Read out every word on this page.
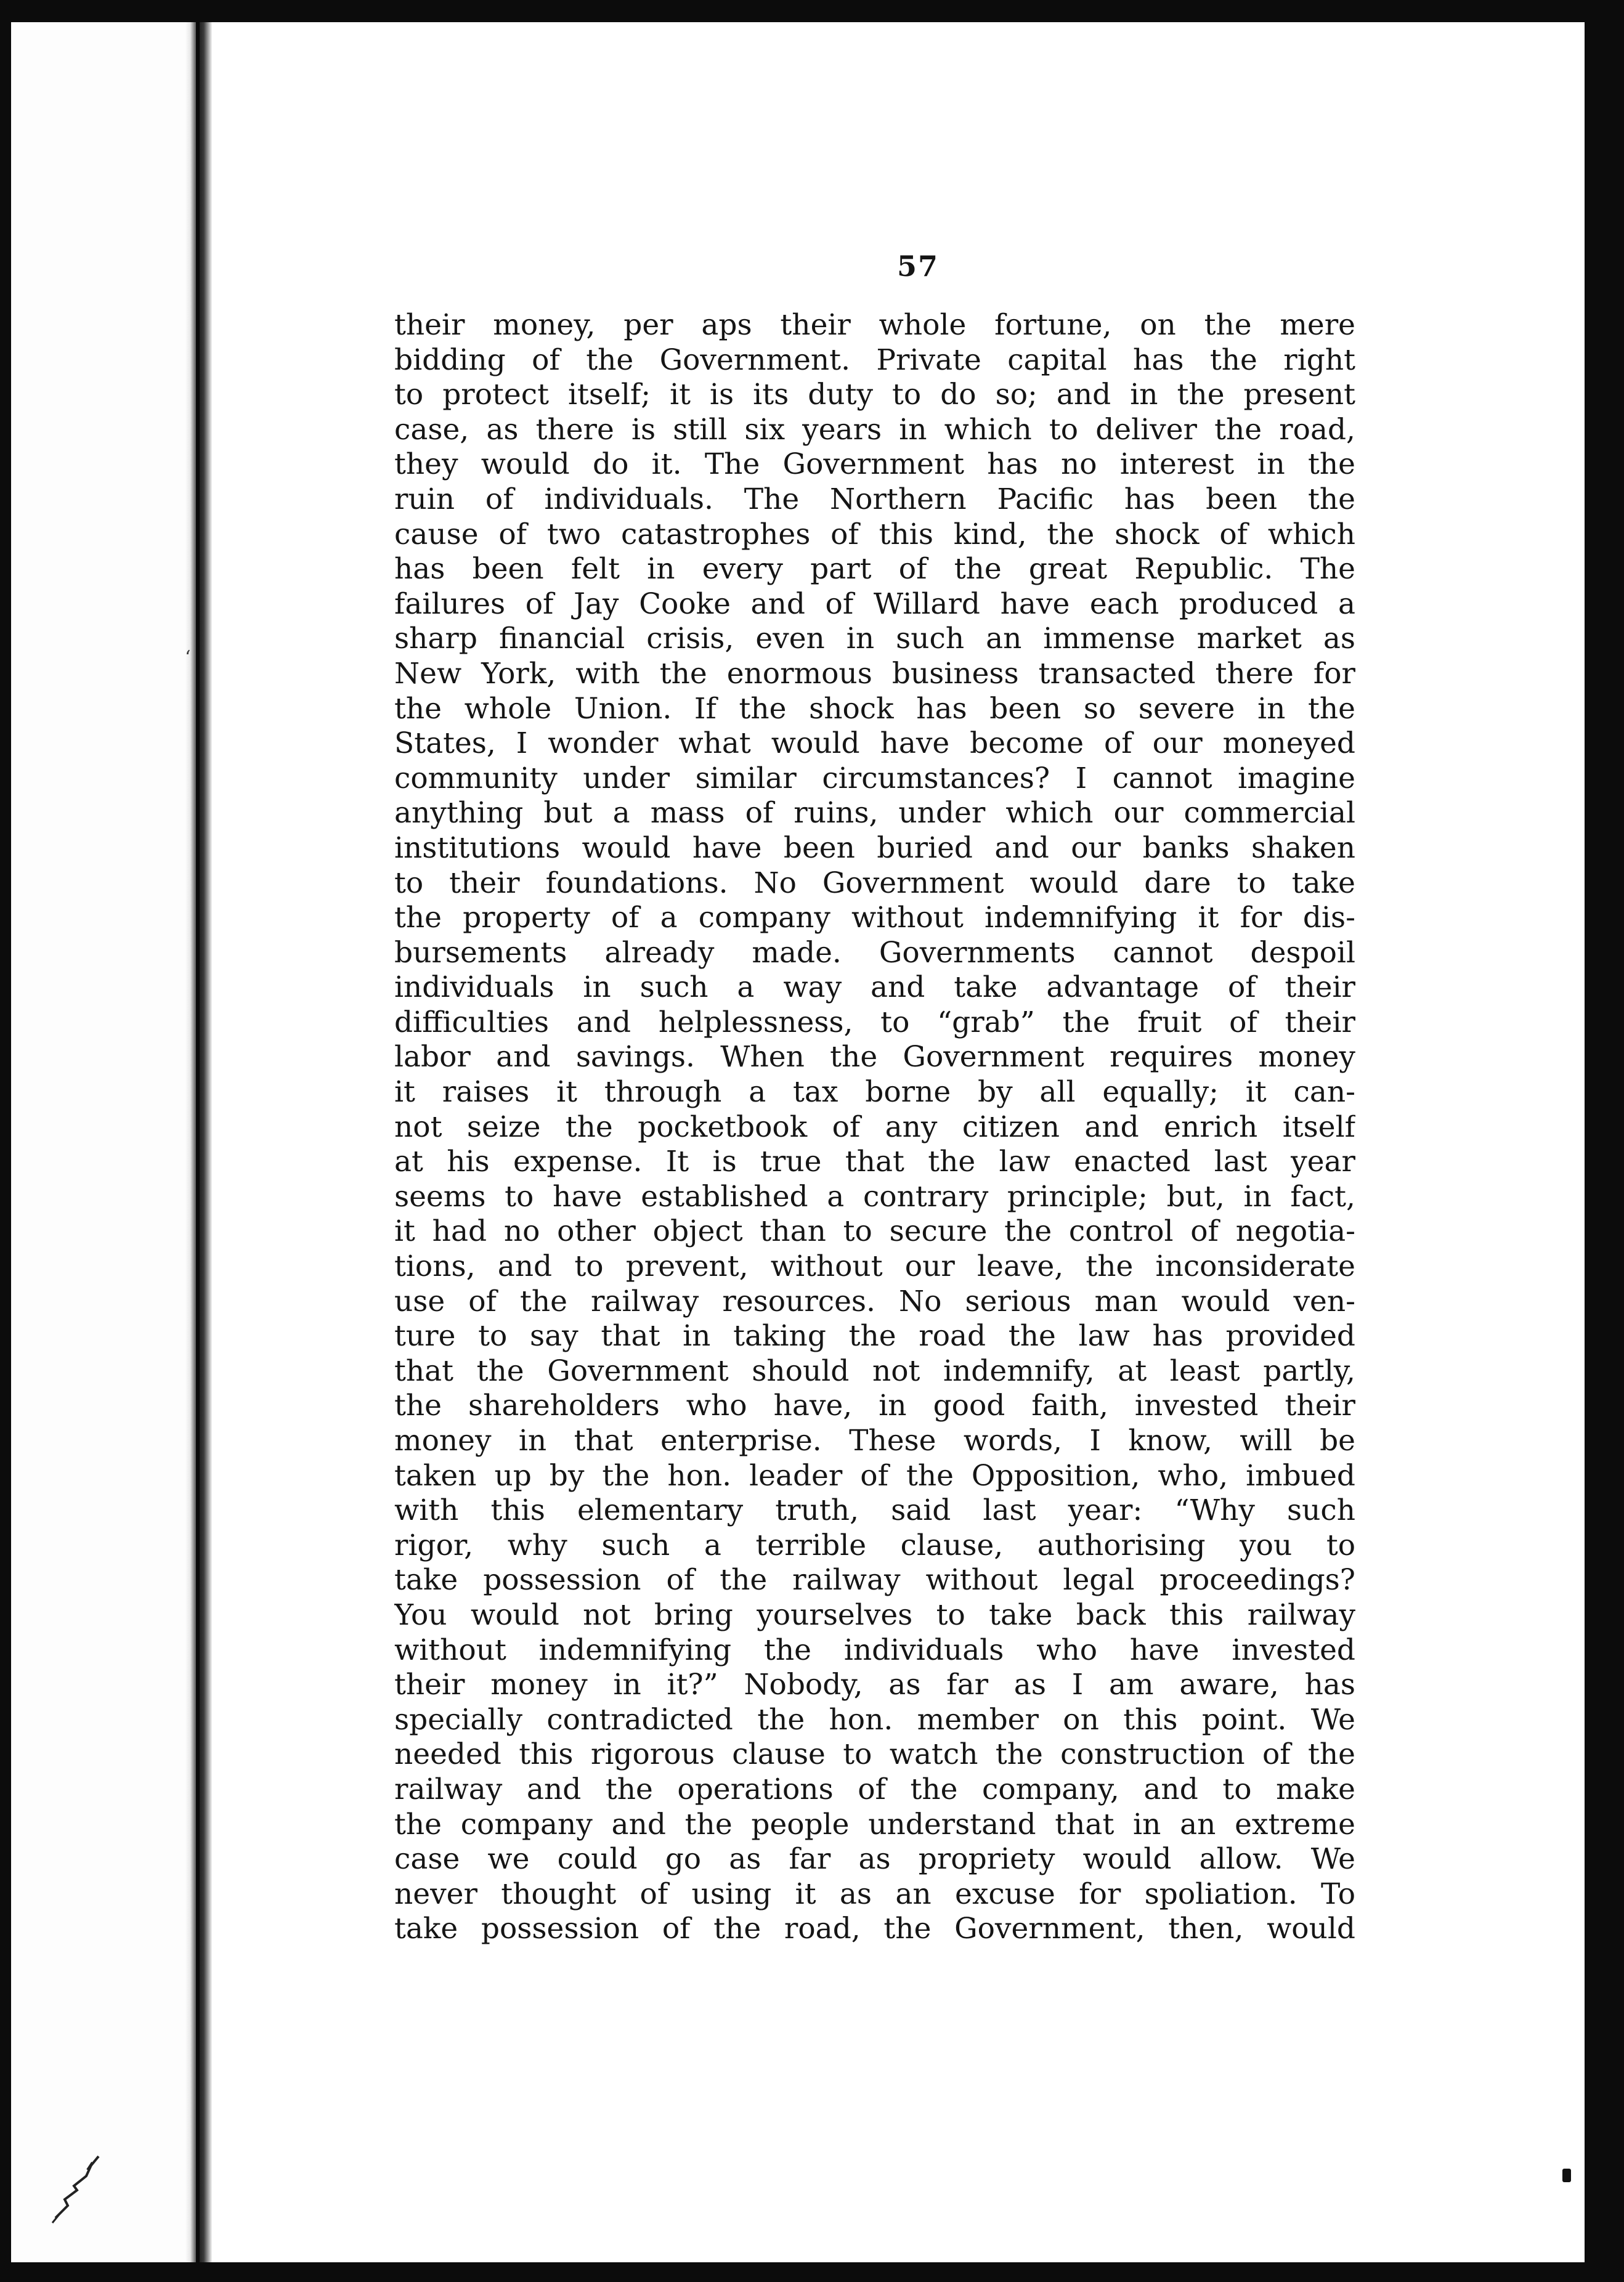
‘
57
their money, per aps their whole fortune, on the mere
bidding of the Government. Private capital has the right
to protect itself; it is its duty to do so; and in the present
case, as there is still six years in which to deliver the road,
they would do it. The Government has no interest in the
ruin of individuals. The Northern Pacific has been the
cause of two catastrophes of this kind, the shock of which
has been felt in every part of the great Republic. The
failures of Jay Cooke and of Willard have each produced a
sharp financial crisis, even in such an immense market as
New York, with the enormous business transacted there for
the whole Union. If the shock has been so severe in the
States, I wonder what would have become of our moneyed
community under similar circumstances? I cannot imagine
anything but a mass of ruins, under which our commercial
institutions would have been buried and our banks shaken
to their foundations. No Government would dare to take
the property of a company without indemnifying it for dis-
bursements already made. Governments cannot despoil
individuals in such a way and take advantage of their
difficulties and helplessness, to “grab” the fruit of their
labor and savings. When the Government requires money
it raises it through a tax borne by all equally; it can-
not seize the pocketbook of any citizen and enrich itself
at his expense. It is true that the law enacted last year
seems to have established a contrary principle; but, in fact,
it had no other object than to secure the control of negotia-
tions, and to prevent, without our leave, the inconsiderate
use of the railway resources. No serious man would ven-
ture to say that in taking the road the law has provided
that the Government should not indemnify, at least partly,
the shareholders who have, in good faith, invested their
money in that enterprise. These words, I know, will be
taken up by the hon. leader of the Opposition, who, imbued
with this elementary truth, said last year: “Why such
rigor, why such a terrible clause, authorising you to
take possession of the railway without legal proceedings?
You would not bring yourselves to take back this railway
without indemnifying the individuals who have invested
their money in it?” Nobody, as far as I am aware, has
specially contradicted the hon. member on this point. We
needed this rigorous clause to watch the construction of the
railway and the operations of the company, and to make
the company and the people understand that in an extreme
case we could go as far as propriety would allow. We
never thought of using it as an excuse for spoliation. To
take possession of the road, the Government, then, would
